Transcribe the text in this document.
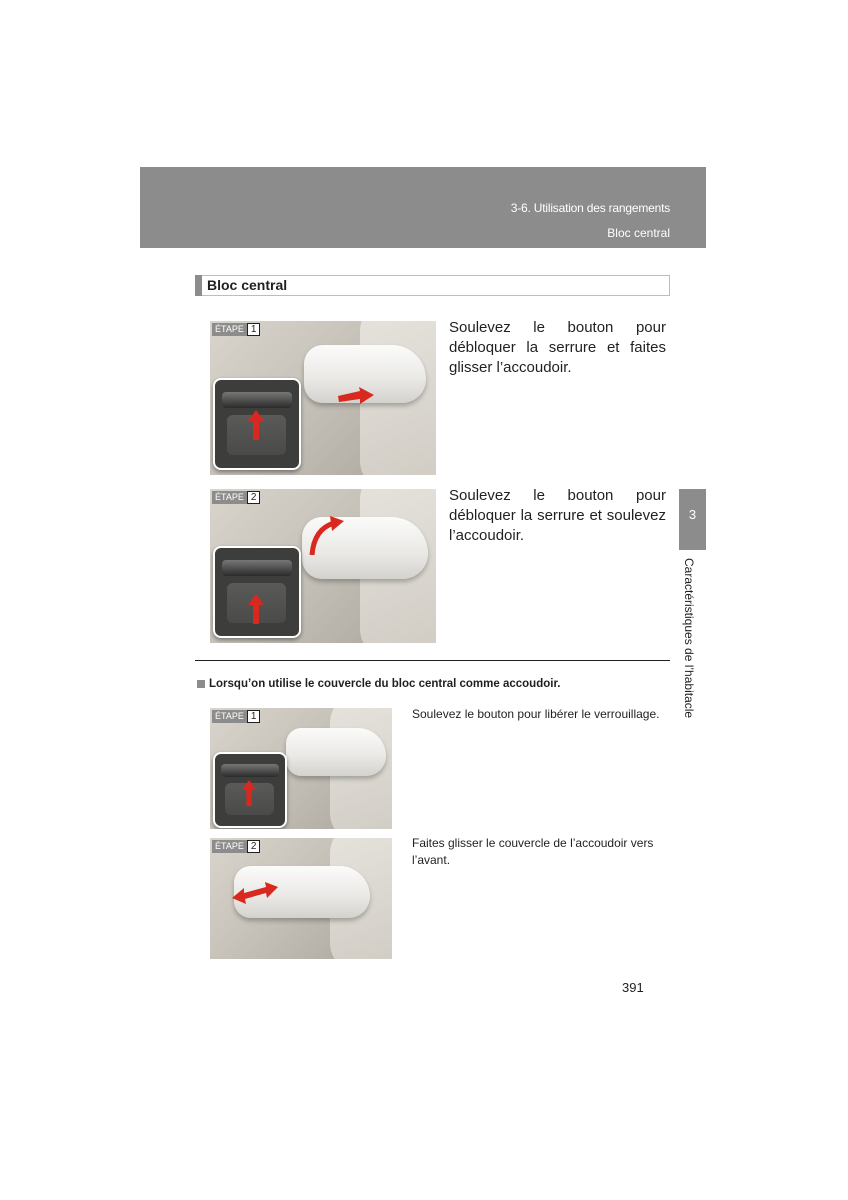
3-6. Utilisation des rangements
Bloc central
Bloc central
ÉTAPE 1	Soulevez le bouton pour débloquer la serrure et faites glisser l’accoudoir.
ÉTAPE 2	Soulevez le bouton pour débloquer la serrure et soulevez l’accoudoir.
Lorsqu’on utilise le couvercle du bloc central comme accoudoir.
ÉTAPE 1	Soulevez le bouton pour libérer le verrouillage.
ÉTAPE 2	Faites glisser le couvercle de l’accoudoir vers l’avant.
3
Caractéristiques de l’habitacle
391
